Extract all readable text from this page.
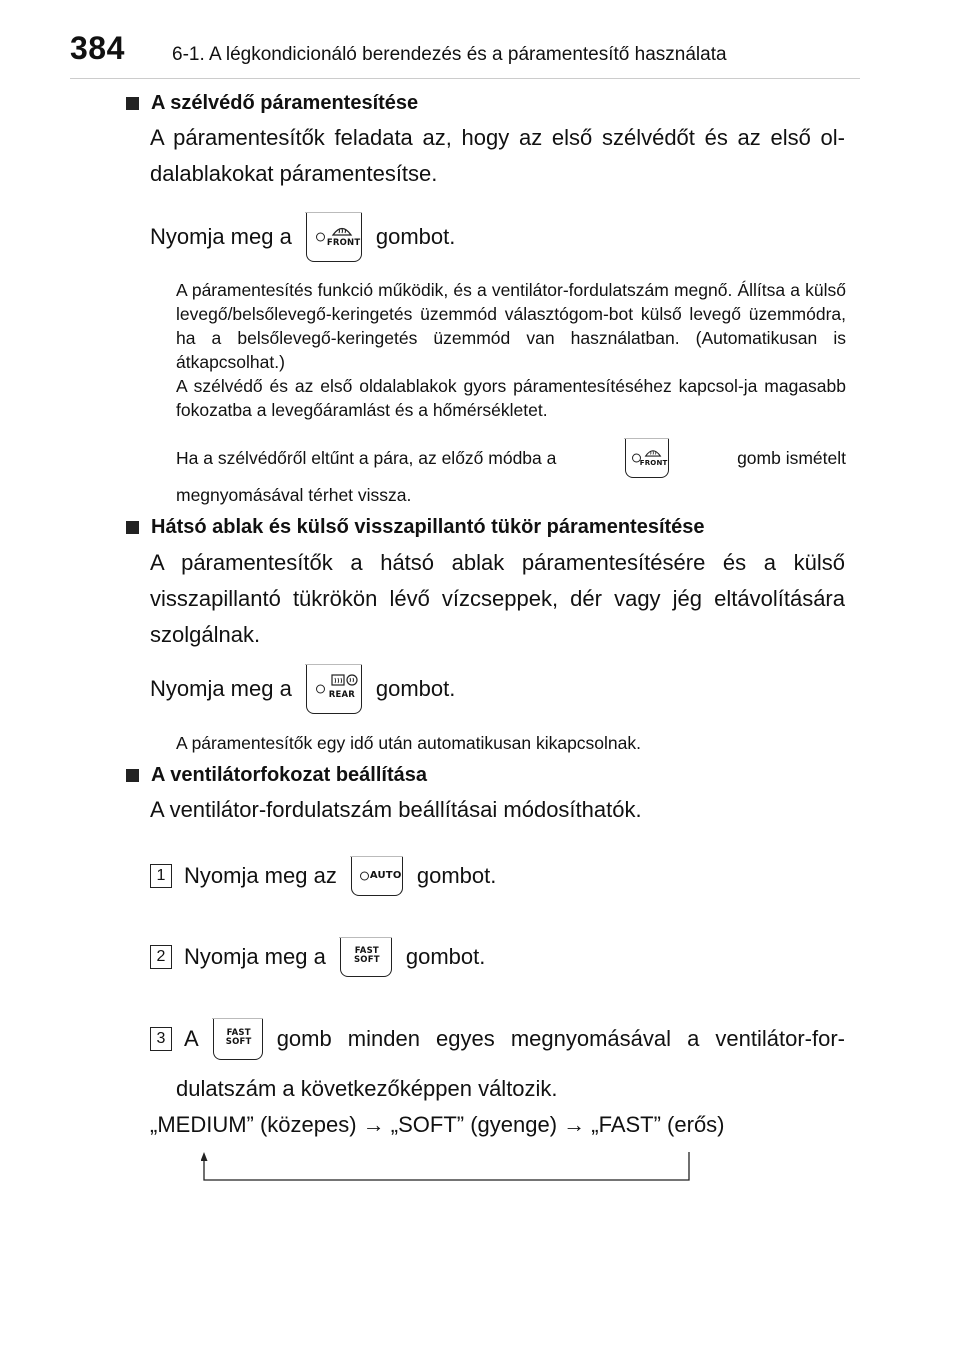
384 6-1. A légkondicionáló berendezés és a páramentesítő használata
A szélvédő páramentesítése
A páramentesítők feladata az, hogy az első szélvédőt és az első ol-dalablakokat páramentesítse.
Nyomja meg a	FRONT gombot.
A páramentesítés funkció működik, és a ventilátor-fordulatszám megnő. Állítsa a külső levegő/belsőlevegő-keringetés üzemmód választógom-bot külső levegő üzemmódra, ha a belsőlevegő-keringetés üzemmód van használatban. (Automatikusan is átkapcsolhat.)
A szélvédő és az első oldalablakok gyors páramentesítéséhez kapcsol-ja magasabb fokozatba a levegőáramlást és a hőmérsékletet.
Ha a szélvédőről eltűnt a pára, az előző módba a	FRONT	gomb ismételt
megnyomásával térhet vissza.
Hátsó ablak és külső visszapillantó tükör páramentesítése
A páramentesítők a hátsó ablak páramentesítésére és a külső visszapillantó tükrökön lévő vízcseppek, dér vagy jég eltávolítására szolgálnak.
Nyomja meg a	REAR gombot.
A páramentesítők egy idő után automatikusan kikapcsolnak.
A ventilátorfokozat beállítása
A ventilátor-fordulatszám beállításai módosíthatók.
1 Nyomja meg az	AUTO gombot.
2 Nyomja meg a	FAST
SOFT gombot.
3 A	FAST
SOFT gomb minden egyes megnyomásával a ventilátor-for-
dulatszám a következőképpen változik.
„MEDIUM” (közepes) → „SOFT” (gyenge) → „FAST” (erős)
